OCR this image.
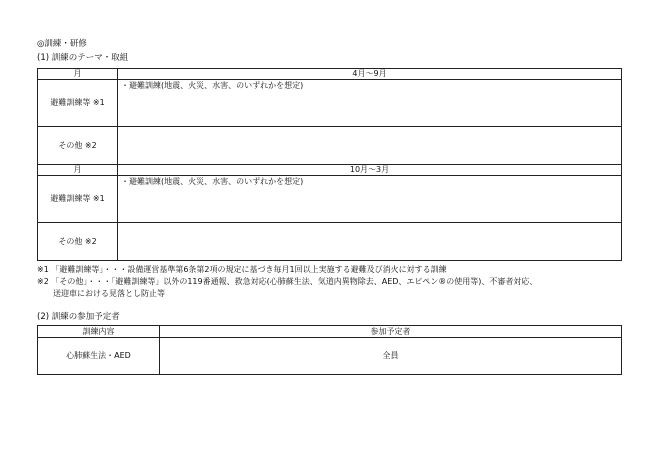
◎訓練・研修
(1) 訓練のテーマ・取組
月	4月～9月
避難訓練等 ※1	・避難訓練(地震、火災、水害、のいずれかを想定)

その他 ※2	

月	10月～3月
避難訓練等 ※1	・避難訓練(地震、火災、水害、のいずれかを想定)

その他 ※2	
※1 「避難訓練等」・・・設備運営基準第6条第2項の規定に基づき毎月1回以上実施する避難及び消火に対する訓練
※2 「その他」・・・「避難訓練等」以外の119番通報、救急対応(心肺蘇生法、気道内異物除去、AED、エピペン®の使用等)、不審者対応、
送迎車における見落とし防止等
(2) 訓練の参加予定者
訓練内容	参加予定者
心肺蘇生法・AED	全員
